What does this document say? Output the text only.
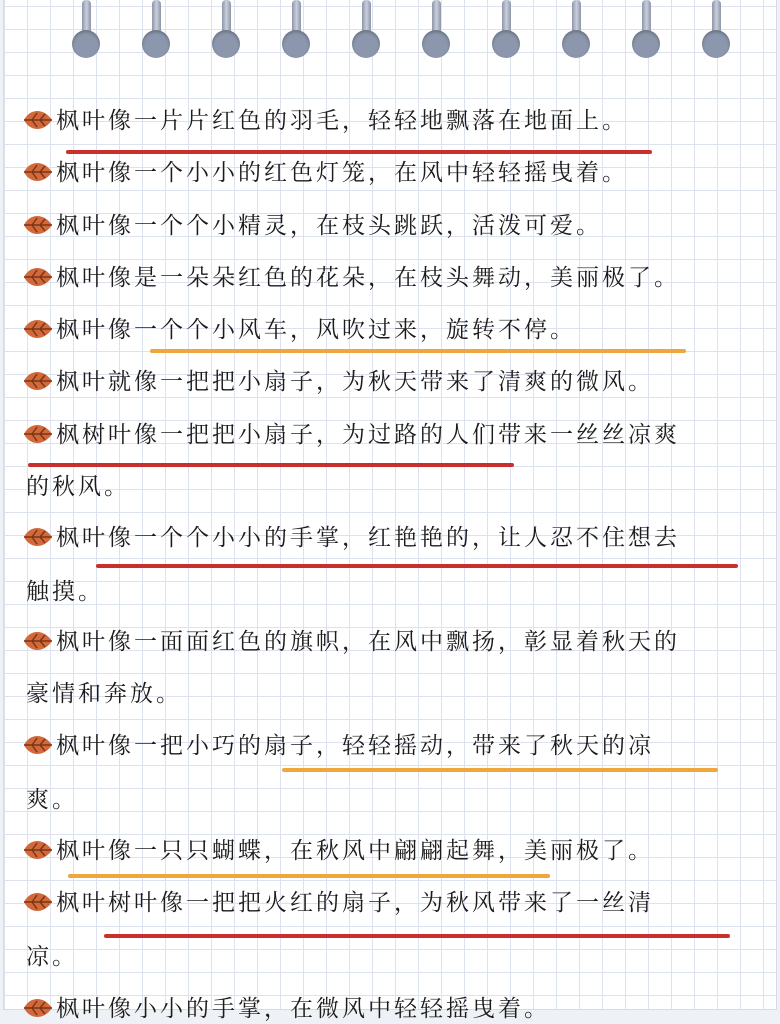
枫叶像一片片红色的羽毛，轻轻地飘落在地面上。
枫叶像一个小小的红色灯笼，在风中轻轻摇曳着。
枫叶像一个个小精灵，在枝头跳跃，活泼可爱。
枫叶像是一朵朵红色的花朵，在枝头舞动，美丽极了。
枫叶像一个个小风车，风吹过来，旋转不停。
枫叶就像一把把小扇子，为秋天带来了清爽的微风。
枫树叶像一把把小扇子，为过路的人们带来一丝丝凉爽
的秋风。
枫叶像一个个小小的手掌，红艳艳的，让人忍不住想去
触摸。
枫叶像一面面红色的旗帜，在风中飘扬，彰显着秋天的
豪情和奔放。
枫叶像一把小巧的扇子，轻轻摇动，带来了秋天的凉
爽。
枫叶像一只只蝴蝶，在秋风中翩翩起舞，美丽极了。
枫叶树叶像一把把火红的扇子，为秋风带来了一丝清
凉。
枫叶像小小的手掌，在微风中轻轻摇曳着。
